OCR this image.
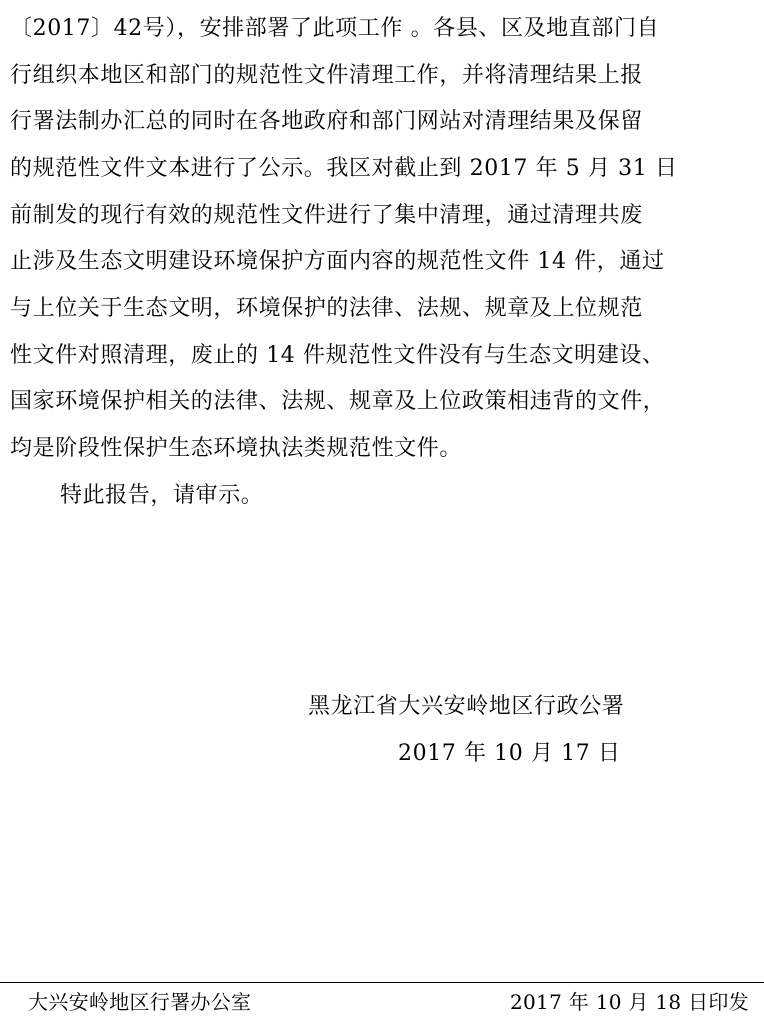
〔2017〕42号），安排部署了此项工作 。各县、区及地直部门自
行组织本地区和部门的规范性文件清理工作，并将清理结果上报
行署法制办汇总的同时在各地政府和部门网站对清理结果及保留
的规范性文件文本进行了公示。我区对截止到 2017 年 5 月 31 日
前制发的现行有效的规范性文件进行了集中清理，通过清理共废
止涉及生态文明建设环境保护方面内容的规范性文件 14 件，通过
与上位关于生态文明，环境保护的法律、法规、规章及上位规范
性文件对照清理，废止的 14 件规范性文件没有与生态文明建设、
国家环境保护相关的法律、法规、规章及上位政策相违背的文件，
均是阶段性保护生态环境执法类规范性文件。
特此报告，请审示。
黑龙江省大兴安岭地区行政公署
2017 年 10 月 17 日
大兴安岭地区行署办公室	2017 年 10 月 18 日印发
